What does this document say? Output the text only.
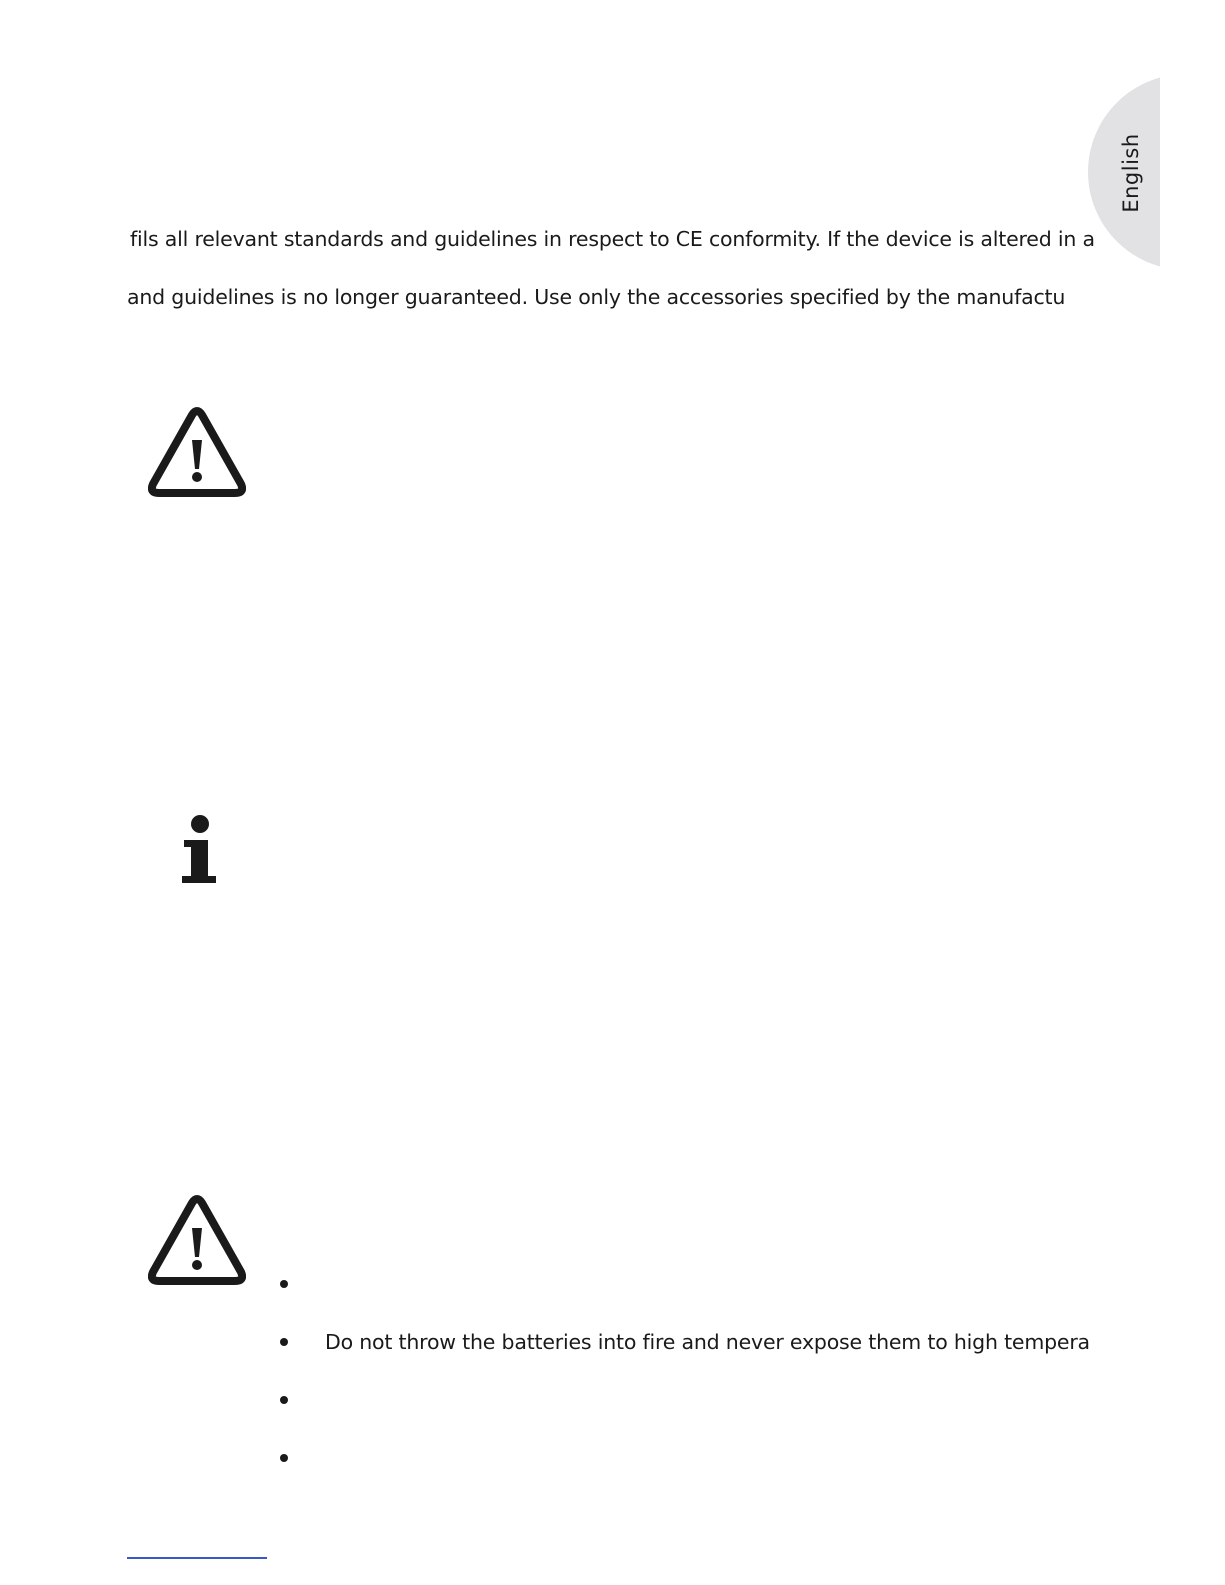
English
fils all relevant standards and guidelines in respect to CE conformity. If the device is altered in a
and guidelines is no longer guaranteed. Use only the accessories specified by the manufactu
Do not throw the batteries into fire and never expose them to high tempera
